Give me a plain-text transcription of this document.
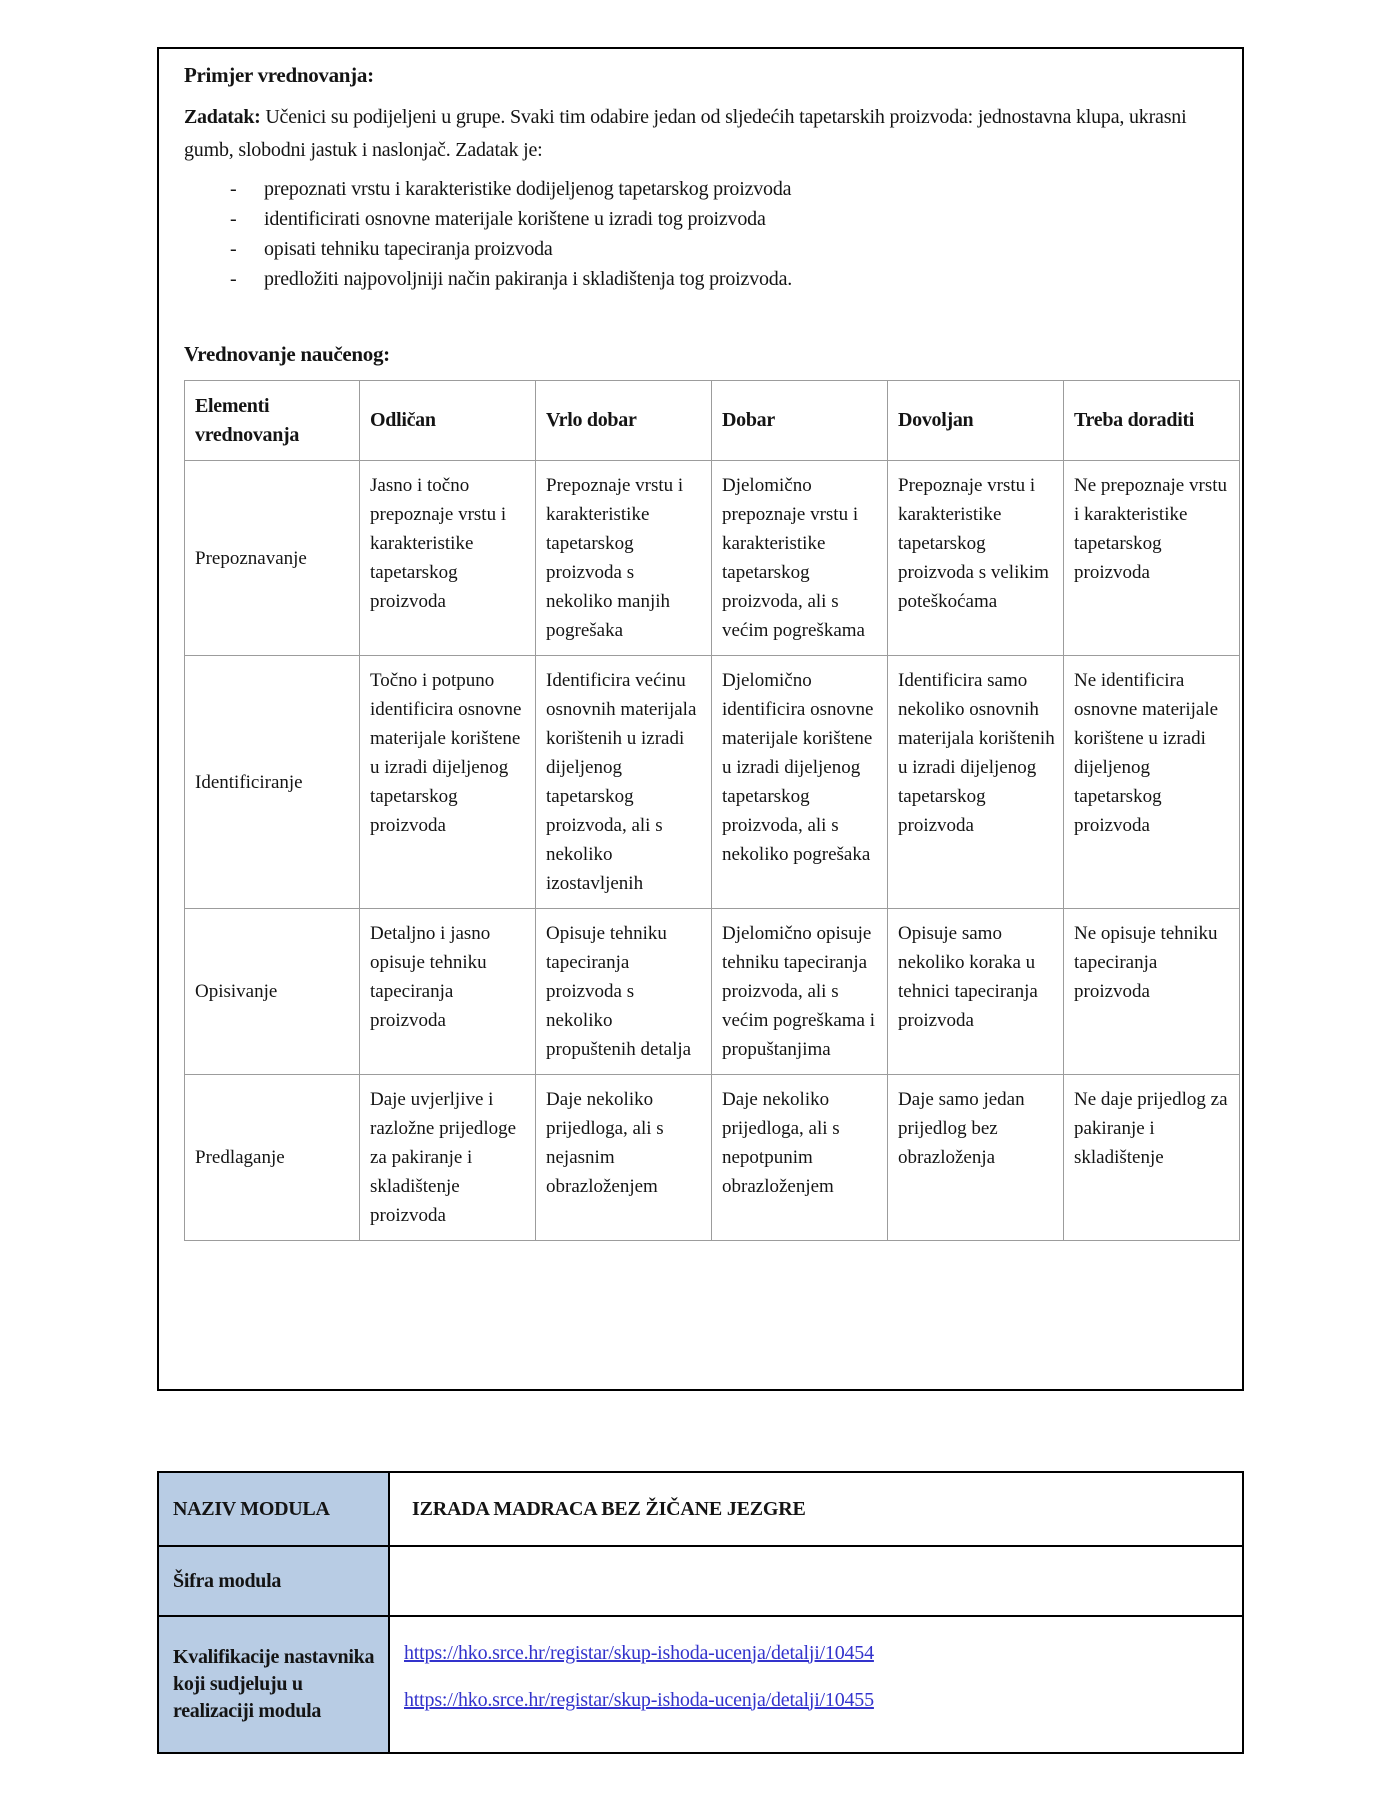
Primjer vrednovanja:
Zadatak: Učenici su podijeljeni u grupe. Svaki tim odabire jedan od sljedećih tapetarskih proizvoda: jednostavna klupa, ukrasni gumb, slobodni jastuk i naslonjač. Zadatak je:
-	prepoznati vrstu i karakteristike dodijeljenog tapetarskog proizvoda
-	identificirati osnovne materijale korištene u izradi tog proizvoda
-	opisati tehniku tapeciranja proizvoda
-	predložiti najpovoljniji način pakiranja i skladištenja tog proizvoda.
Vrednovanje naučenog:
Elementi vrednovanja	Odličan	Vrlo dobar	Dobar	Dovoljan	Treba doraditi
Prepoznavanje	Jasno i točno prepoznaje vrstu i karakteristike tapetarskog proizvoda	Prepoznaje vrstu i karakteristike tapetarskog proizvoda s nekoliko manjih pogrešaka	Djelomično prepoznaje vrstu i karakteristike tapetarskog proizvoda, ali s većim pogreškama	Prepoznaje vrstu i karakteristike tapetarskog proizvoda s velikim poteškoćama	Ne prepoznaje vrstu i karakteristike tapetarskog proizvoda
Identificiranje	Točno i potpuno identificira osnovne materijale korištene u izradi dijeljenog tapetarskog proizvoda	Identificira većinu osnovnih materijala korištenih u izradi dijeljenog tapetarskog proizvoda, ali s nekoliko izostavljenih	Djelomično identificira osnovne materijale korištene u izradi dijeljenog tapetarskog proizvoda, ali s nekoliko pogrešaka	Identificira samo nekoliko osnovnih materijala korištenih u izradi dijeljenog tapetarskog proizvoda	Ne identificira osnovne materijale korištene u izradi dijeljenog tapetarskog proizvoda
Opisivanje	Detaljno i jasno opisuje tehniku tapeciranja proizvoda	Opisuje tehniku tapeciranja proizvoda s nekoliko propuštenih detalja	Djelomično opisuje tehniku tapeciranja proizvoda, ali s većim pogreškama i propuštanjima	Opisuje samo nekoliko koraka u tehnici tapeciranja proizvoda	Ne opisuje tehniku tapeciranja proizvoda
Predlaganje	Daje uvjerljive i razložne prijedloge za pakiranje i skladištenje proizvoda	Daje nekoliko prijedloga, ali s nejasnim obrazloženjem	Daje nekoliko prijedloga, ali s nepotpunim obrazloženjem	Daje samo jedan prijedlog bez obrazloženja	Ne daje prijedlog za pakiranje i skladištenje
NAZIV MODULA	IZRADA MADRACA BEZ ŽIČANE JEZGRE
Šifra modula	
Kvalifikacije nastavnika koji sudjeluju u realizaciji modula	https://hko.srce.hr/registar/skup-ishoda-ucenja/detalji/10454
https://hko.srce.hr/registar/skup-ishoda-ucenja/detalji/10455
